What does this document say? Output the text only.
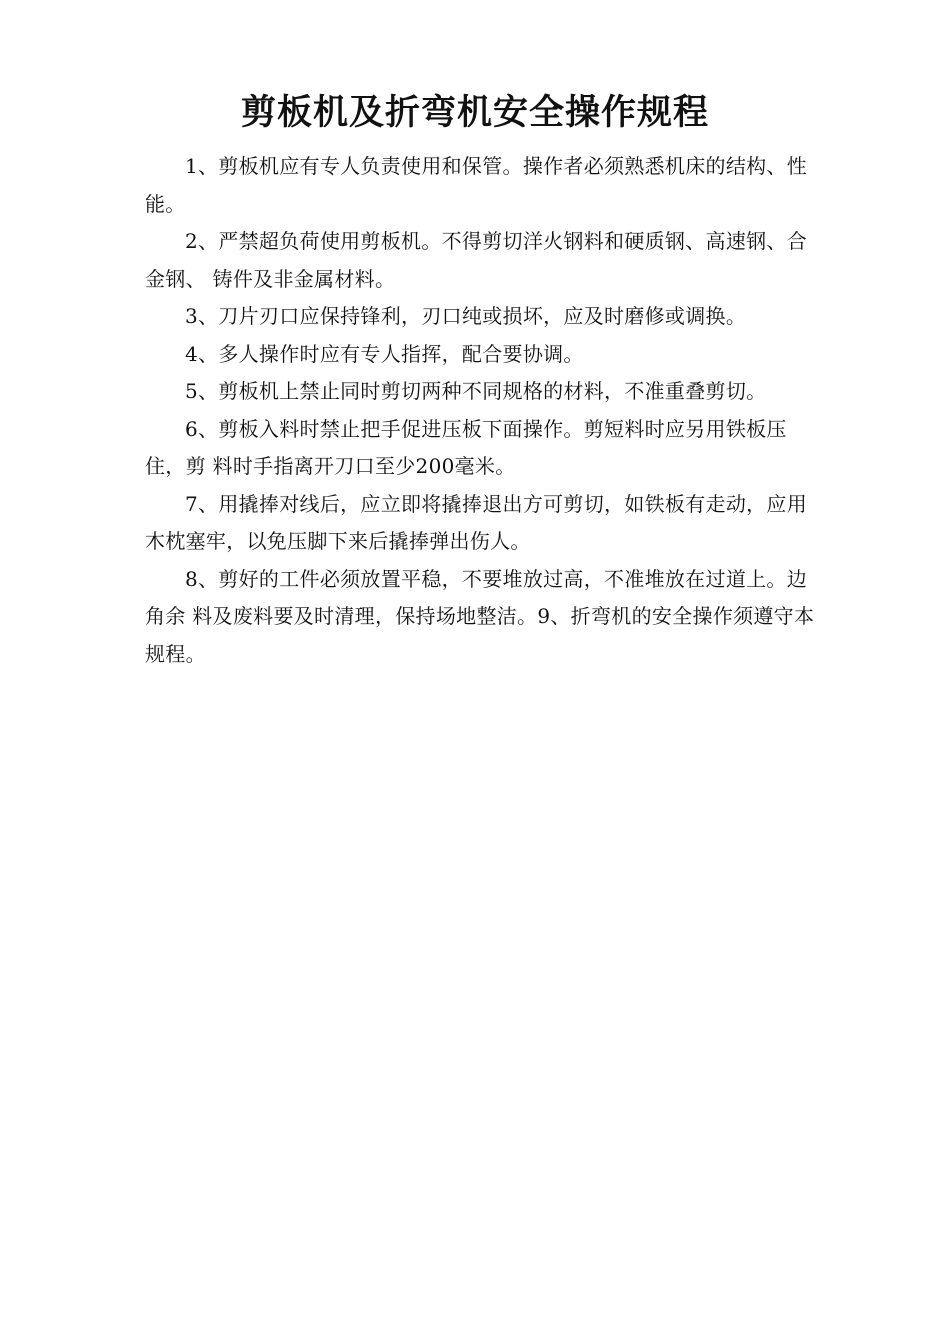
剪板机及折弯机安全操作规程

1、剪板机应有专人负责使用和保管。操作者必须熟悉机床的结构、性能。

2、严禁超负荷使用剪板机。不得剪切洋火钢料和硬质钢、高速钢、合金钢、 铸件及非金属材料。

3、刀片刃口应保持锋利，刃口纯或损坏，应及时磨修或调换。

4、多人操作时应有专人指挥，配合要协调。

5、剪板机上禁止同时剪切两种不同规格的材料，不准重叠剪切。

6、剪板入料时禁止把手促进压板下面操作。剪短料时应另用铁板压住，剪 料时手指离开刀口至少200毫米。

7、用撬捧对线后，应立即将撬捧退出方可剪切，如铁板有走动，应用木枕塞牢，以免压脚下来后撬捧弹出伤人。

8、剪好的工件必须放置平稳，不要堆放过高，不准堆放在过道上。边角余 料及废料要及时清理，保持场地整洁。9、折弯机的安全操作须遵守本规程。
